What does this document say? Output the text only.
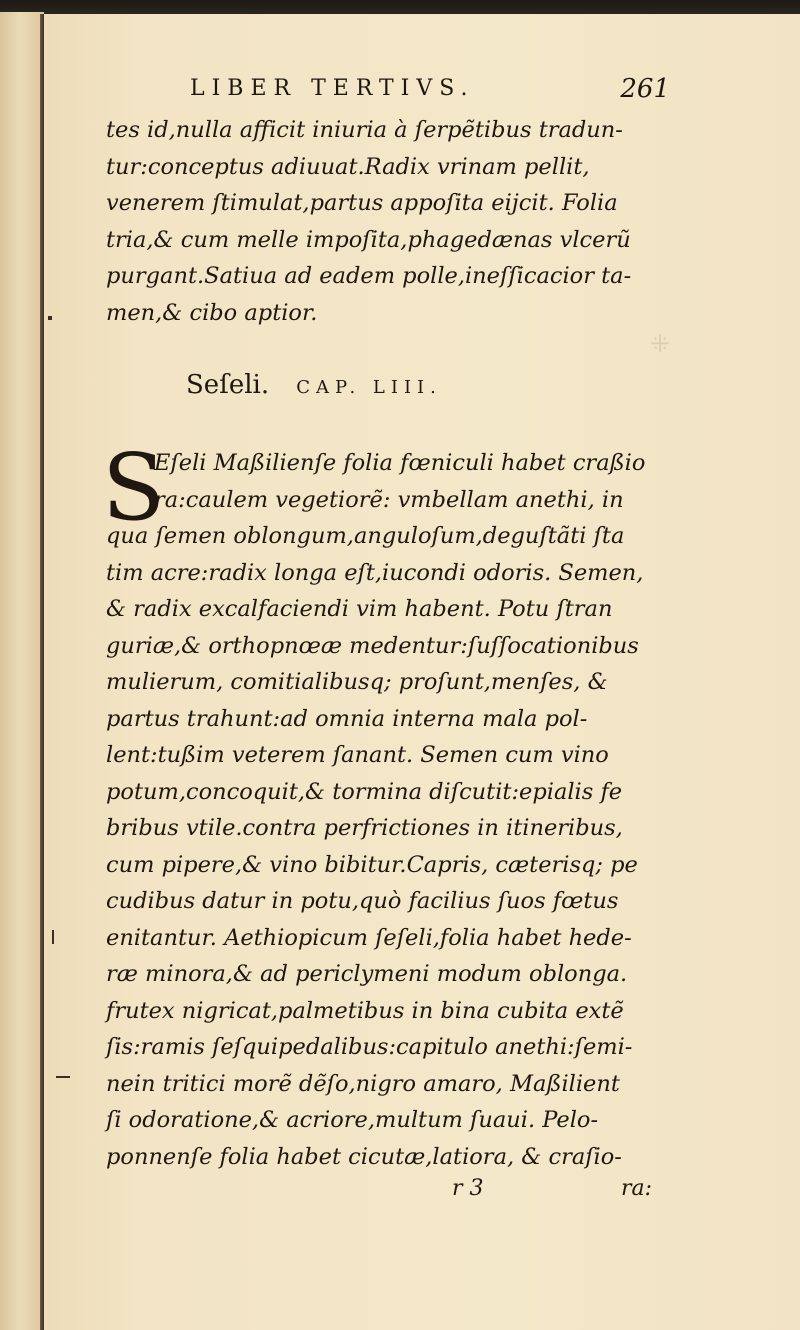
⁜
LIBER TERTIVS.	261
tes id,nulla afficit iniuria à ſerpẽtibus tradun-
tur:conceptus adiuuat.Radix vrinam pellit,
venerem ſtimulat,partus appoſita eijcit. Folia
tria,& cum melle impoſita,phagedænas vlcerũ
purgant.Satiua ad eadem polle,ineſſicacior ta-
men,& cibo aptior.
Seſeli. CAP. LIII.
S
Eſeli Maßilienſe folia fœniculi habet craßio
ra:caulem vegetiorẽ: vmbellam anethi, in
qua ſemen oblongum,anguloſum,deguſtãti ſta
tim acre:radix longa eſt,iucondi odoris. Semen,
& radix excalfaciendi vim habent. Potu ſtran
guriæ,& orthopnœæ medentur:ſuſſocationibus
mulierum, comitialibusq; proſunt,menſes, &
partus trahunt:ad omnia interna mala pol-
lent:tußim veterem ſanant. Semen cum vino
potum,concoquit,& tormina diſcutit:epialis fe
bribus vtile.contra perfrictiones in itineribus,
cum pipere,& vino bibitur.Capris, cæterisq; pe
cudibus datur in potu,quò facilius ſuos fœtus
enitantur. Aethiopicum ſeſeli,folia habet hede-
ræ minora,& ad periclymeni modum oblonga.
frutex nigricat,palmetibus in bina cubita extẽ
ſis:ramis ſeſquipedalibus:capitulo anethi:ſemi-
nein tritici morẽ dẽſo,nigro amaro, Maßilient
ſi odoratione,& acriore,multum ſuaui. Pelo-
ponnenſe folia habet cicutæ,latiora, & craſio-
r 3	ra:
